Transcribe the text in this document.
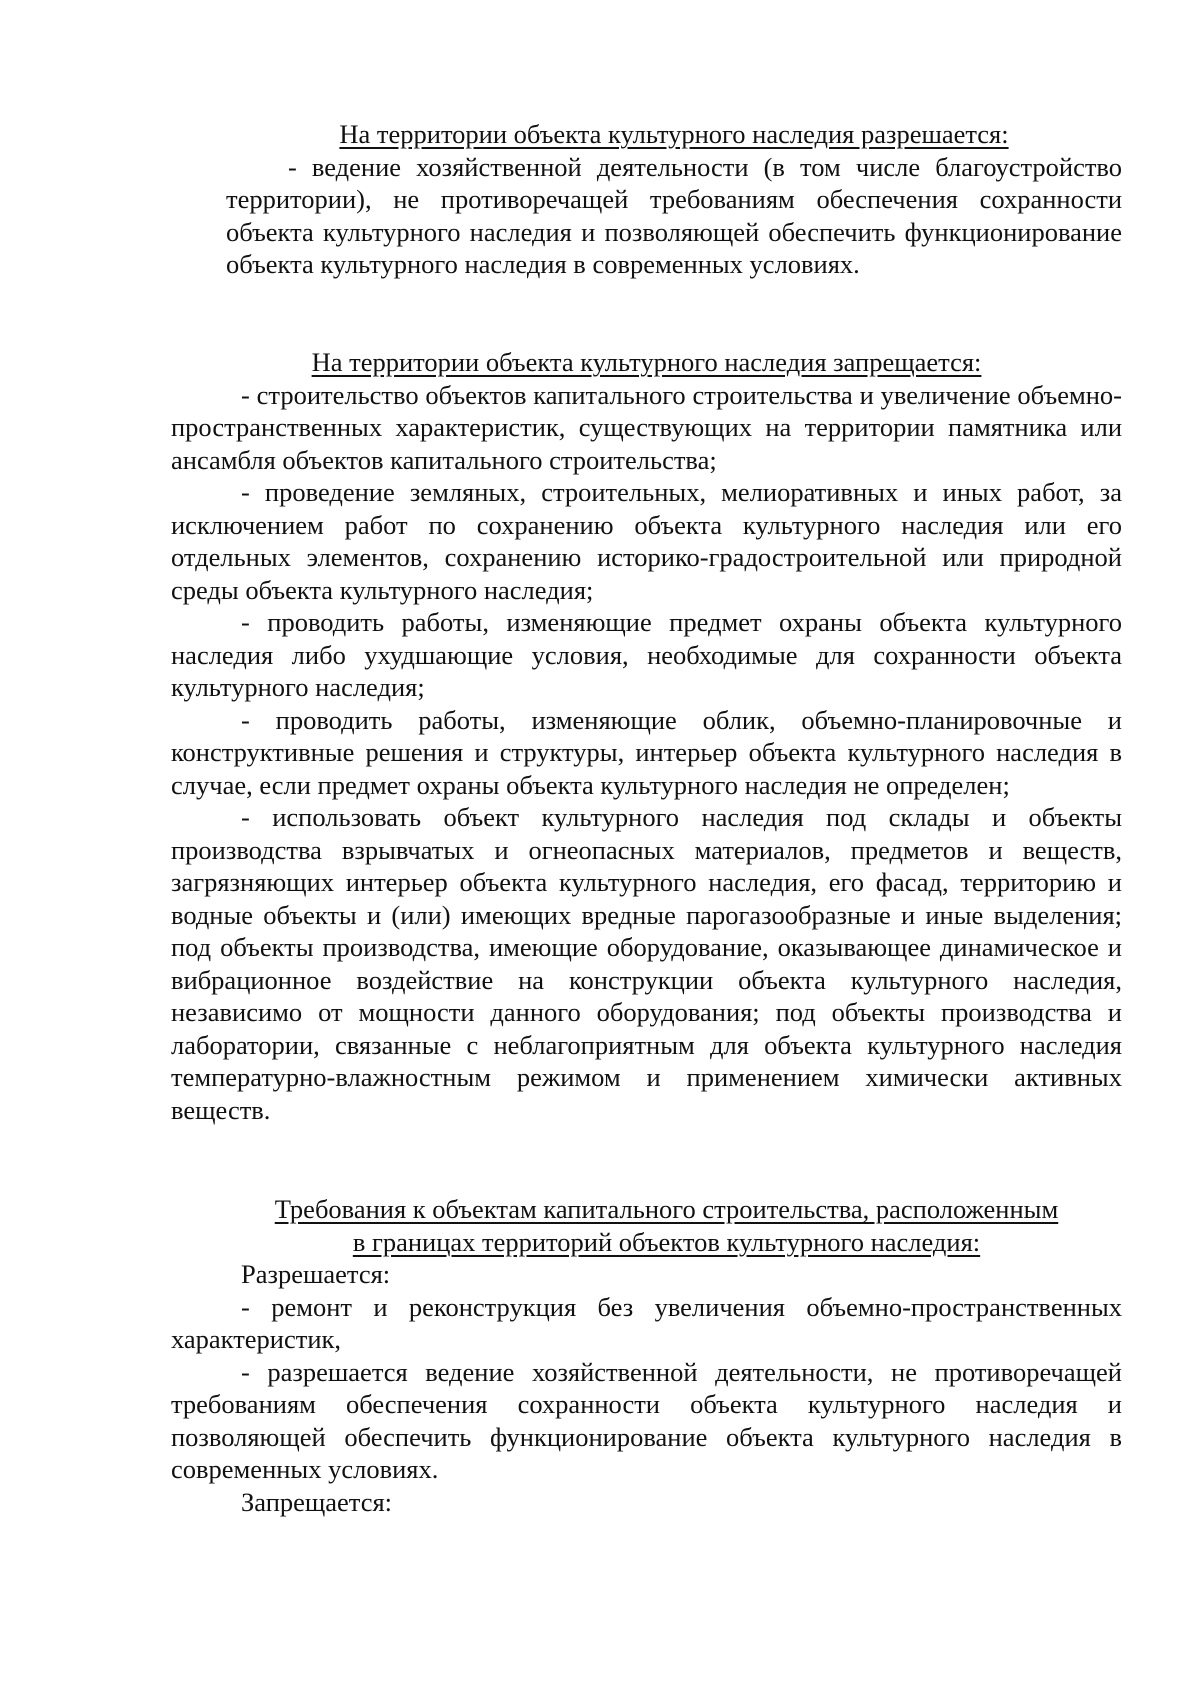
На территории объекта культурного наследия разрешается:

- ведение хозяйственной деятельности (в том числе благоустройство территории), не противоречащей требованиям обеспечения сохранности объекта культурного наследия и позволяющей обеспечить функционирование объекта культурного наследия в современных условиях.

На территории объекта культурного наследия запрещается:

- строительство объектов капитального строительства и увеличение объемно-пространственных характеристик, существующих на территории памятника или ансамбля объектов капитального строительства;

- проведение земляных, строительных, мелиоративных и иных работ, за исключением работ по сохранению объекта культурного наследия или его отдельных элементов, сохранению историко-градостроительной или природной среды объекта культурного наследия;

- проводить работы, изменяющие предмет охраны объекта культурного наследия либо ухудшающие условия, необходимые для сохранности объекта культурного наследия;

- проводить работы, изменяющие облик, объемно-планировочные и конструктивные решения и структуры, интерьер объекта культурного наследия в случае, если предмет охраны объекта культурного наследия не определен;

- использовать объект культурного наследия под склады и объекты производства взрывчатых и огнеопасных материалов, предметов и веществ, загрязняющих интерьер объекта культурного наследия, его фасад, территорию и водные объекты и (или) имеющих вредные парогазообразные и иные выделения; под объекты производства, имеющие оборудование, оказывающее динамическое и вибрационное воздействие на конструкции объекта культурного наследия, независимо от мощности данного оборудования; под объекты производства и лаборатории, связанные с неблагоприятным для объекта культурного наследия температурно-влажностным режимом и применением химически активных веществ.

Требования к объектам капитального строительства, расположенным

в границах территорий объектов культурного наследия:

Разрешается:

- ремонт и реконструкция без увеличения объемно-пространственных характеристик,

- разрешается ведение хозяйственной деятельности, не противоречащей требованиям обеспечения сохранности объекта культурного наследия и позволяющей обеспечить функционирование объекта культурного наследия в современных условиях.

Запрещается:
